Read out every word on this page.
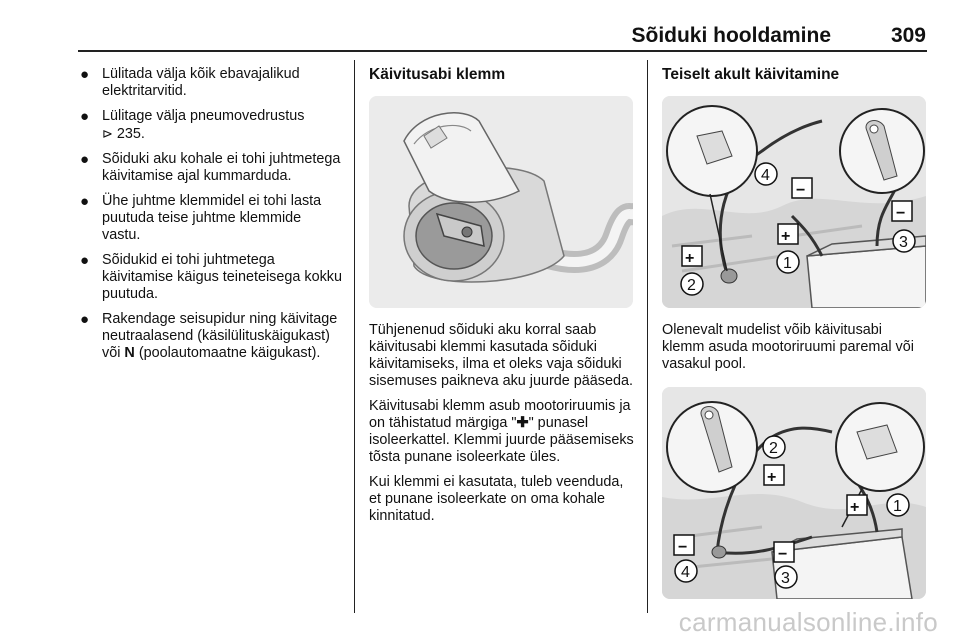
Sõiduki hooldamine	309
● Lülitada välja kõik ebavajalikud elektritarvitid.
● Lülitage välja pneumovedrustus
⊳ 235.
● Sõiduki aku kohale ei tohi juhtmetega käivitamise ajal kummarduda.
● Ühe juhtme klemmidel ei tohi lasta puutuda teise juhtme klemmide vastu.
● Sõidukid ei tohi juhtmetega käivitamise käigus teineteisega kokku puutuda.
● Rakendage seisupidur ning käivitage neutraalasend (käsilülituskäigukast) või N (poolautomaatne käigukast).
Käivitusabi klemm

Tühjenenud sõiduki aku korral saab käivitusabi klemmi kasutada sõiduki käivitamiseks, ilma et oleks vaja sõiduki sisemuses paikneva aku juurde pääseda.

Käivitusabi klemm asub mootoriruumis ja on tähistatud märgiga "✚" punasel isoleerkattel. Klemmi juurde pääsemiseks tõsta punane isoleerkate üles.

Kui klemmi ei kasutata, tuleb veenduda, et punane isoleerkate on oma kohale kinnitatud.

Teiselt akult käivitamine
4
−
−
3
+
1
+
2

Olenevalt mudelist võib käivitusabi klemm asuda mootoriruumi paremal või vasakul pool.

2
+
+ 1
−
4
−
3
carmanualsonline.info
